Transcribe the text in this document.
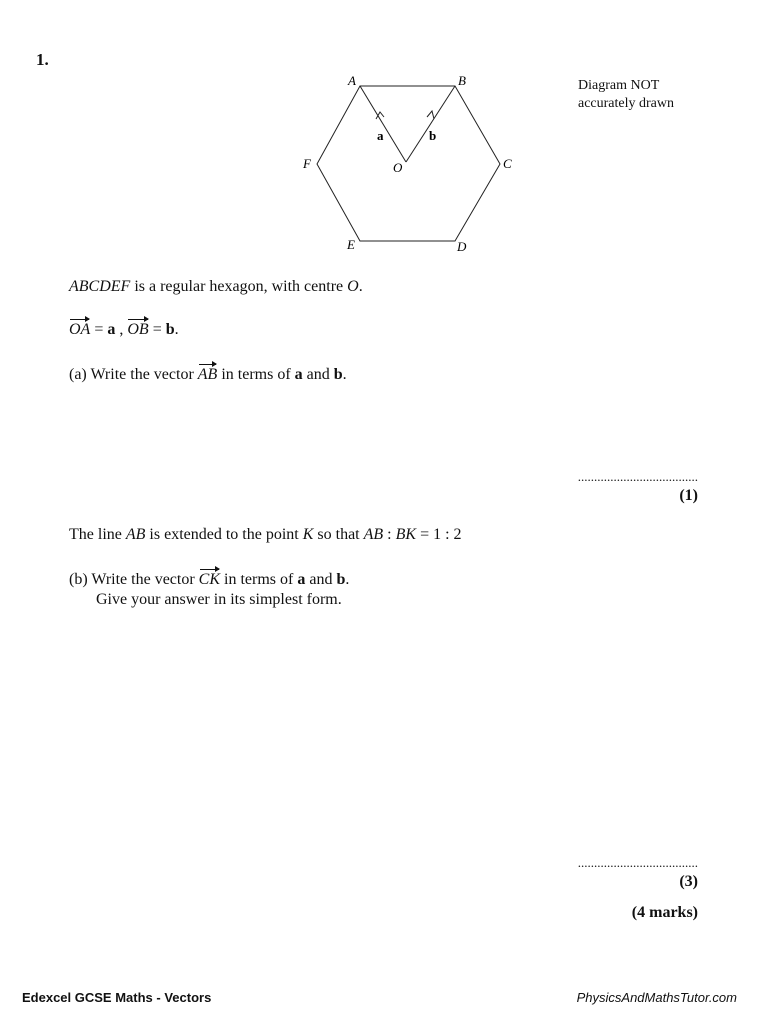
1.
A	B
C
D
E
F	O
a	b
Diagram NOT
accurately drawn
ABCDEF is a regular hexagon, with centre O.
OA = a , OB = b.
(a) Write the vector AB in terms of a and b.
.....................................
(1)
The line AB is extended to the point K so that AB : BK = 1 : 2
(b) Write the vector CK in terms of a and b.
Give your answer in its simplest form.
.....................................
(3)
(4 marks)
Edexcel GCSE Maths - Vectors	PhysicsAndMathsTutor.com
